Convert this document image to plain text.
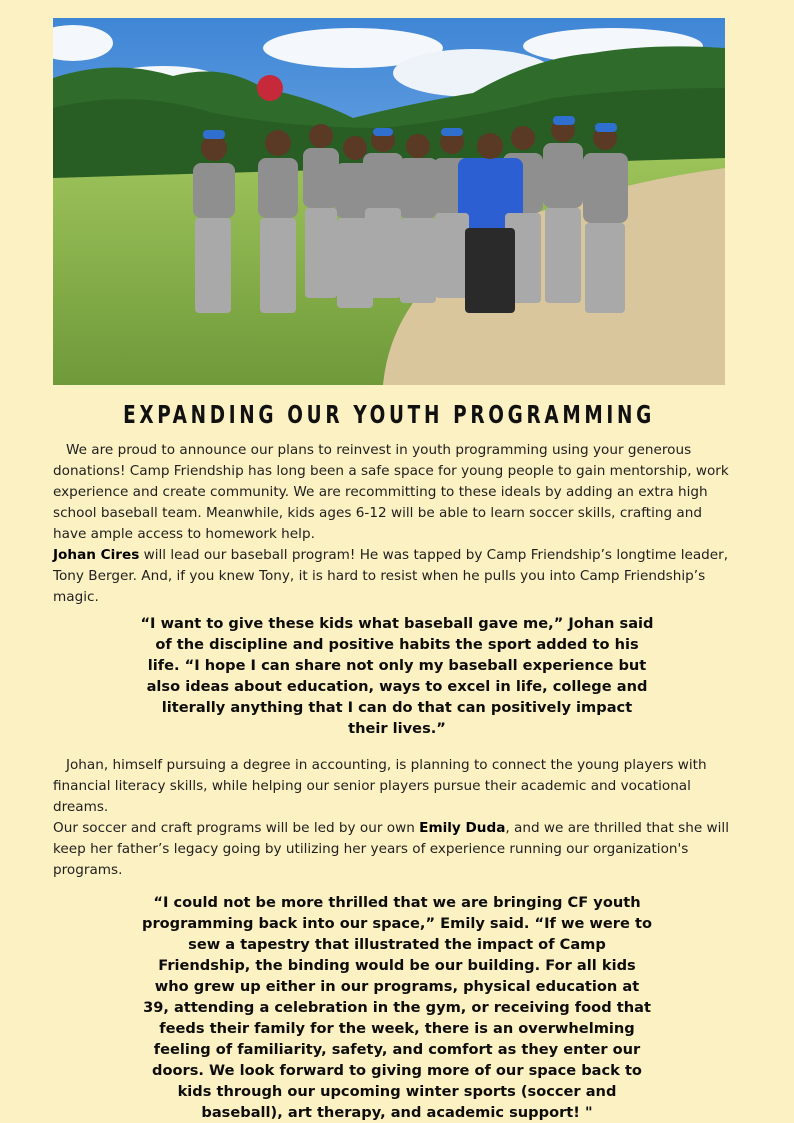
EXPANDING OUR YOUTH PROGRAMMING

We are proud to announce our plans to reinvest in youth programming using your generous donations! Camp Friendship has long been a safe space for young people to gain mentorship, work experience and create community. We are recommitting to these ideals by adding an extra high school baseball team. Meanwhile, kids ages 6-12 will be able to learn soccer skills, crafting and have ample access to homework help.

Johan Cires will lead our baseball program! He was tapped by Camp Friendship’s longtime leader, Tony Berger. And, if you knew Tony, it is hard to resist when he pulls you into Camp Friendship’s magic.

“I want to give these kids what baseball gave me,” Johan said of the discipline and positive habits the sport added to his life. “I hope I can share not only my baseball experience but also ideas about education, ways to excel in life, college and literally anything that I can do that can positively impact their lives.”

Johan, himself pursuing a degree in accounting, is planning to connect the young players with financial literacy skills, while helping our senior players pursue their academic and vocational dreams.

Our soccer and craft programs will be led by our own Emily Duda, and we are thrilled that she will keep her father’s legacy going by utilizing her years of experience running our organization's programs.

“I could not be more thrilled that we are bringing CF youth programming back into our space,” Emily said. “If we were to sew a tapestry that illustrated the impact of Camp Friendship, the binding would be our building. For all kids who grew up either in our programs, physical education at 39, attending a celebration in the gym, or receiving food that feeds their family for the week, there is an overwhelming feeling of familiarity, safety, and comfort as they enter our doors. We look forward to giving more of our space back to kids through our upcoming winter sports (soccer and baseball), art therapy, and academic support! "
